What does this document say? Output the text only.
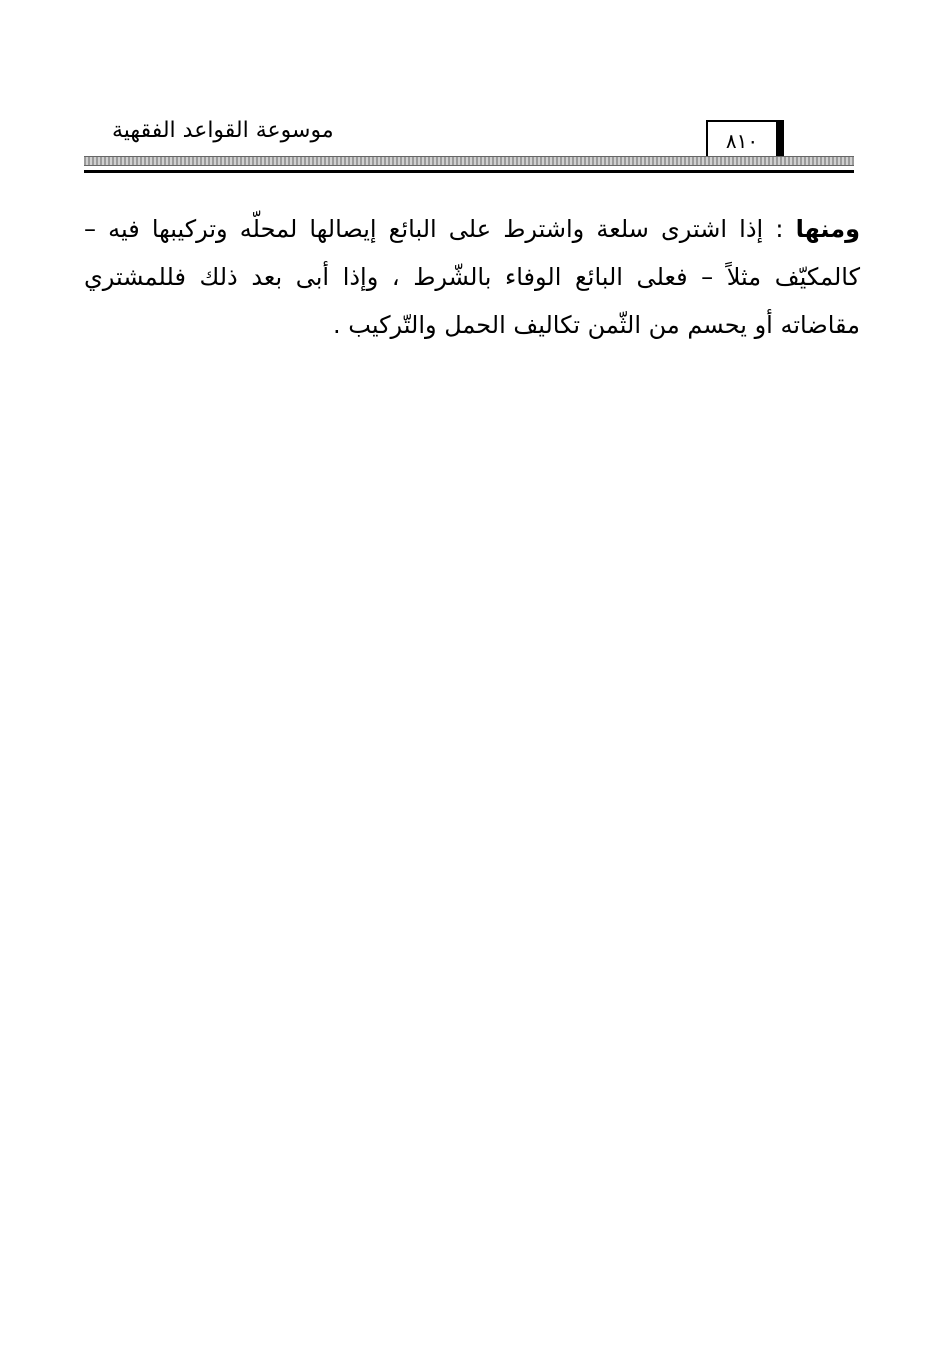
موسوعة القواعد الفقهية	٨١٠

ومنها : إذا اشترى سلعة واشترط على البائع إيصالها لمحلّه وتركيبها فيه – كالمكيّف مثلاً – فعلى البائع الوفاء بالشّرط ، وإذا أبى بعد ذلك فللمشتري مقاضاته أو يحسم من الثّمن تكاليف الحمل والتّركيب .
